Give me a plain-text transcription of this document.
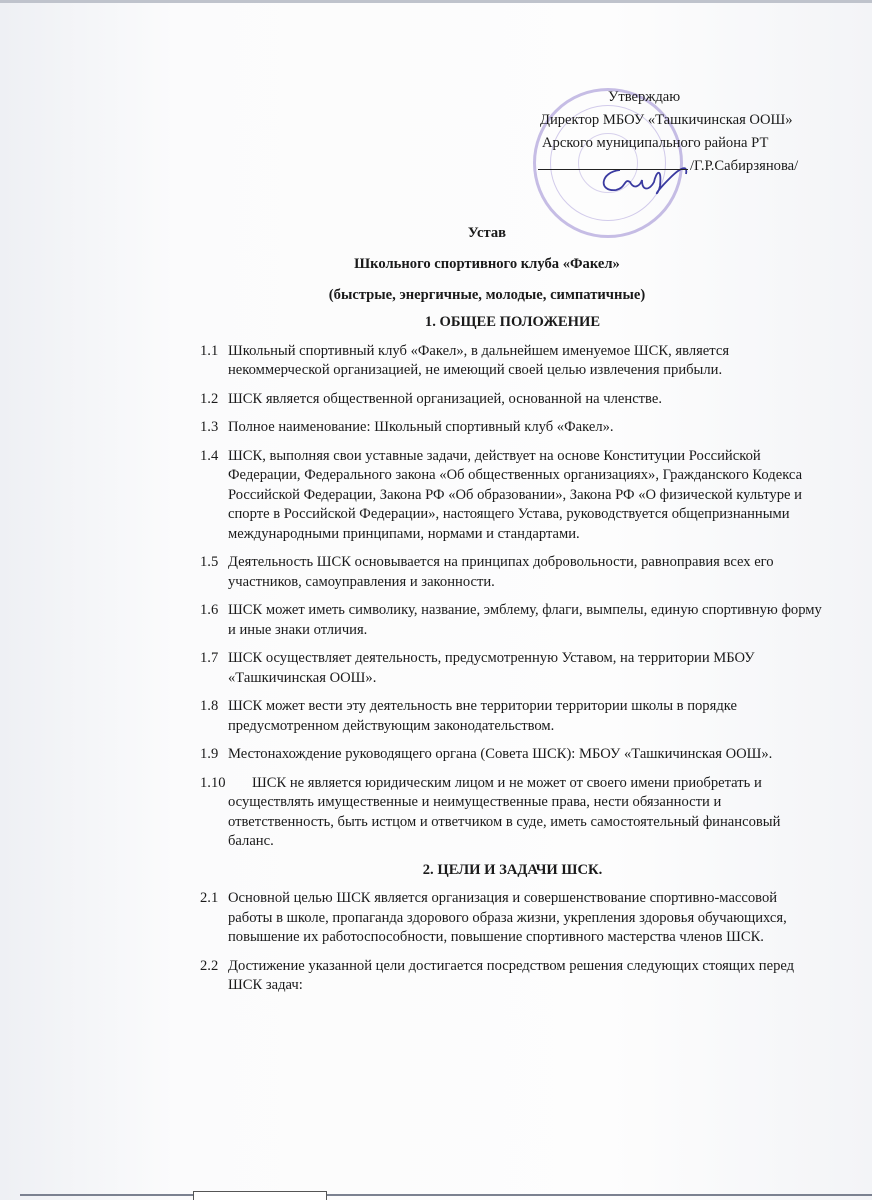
Утверждаю
Директор МБОУ «Ташкичинская ООШ»
Арского муниципального района РТ
/Г.Р.Сабирзянова/
Устав
Школьного спортивного клуба «Факел»
(быстрые, энергичные, молодые, симпатичные)
1. ОБЩЕЕ ПОЛОЖЕНИЕ
1.1 Школьный спортивный клуб «Факел», в дальнейшем именуемое ШСК, является некоммерческой организацией, не имеющий своей целью извлечения прибыли.
1.2 ШСК является общественной организацией, основанной на членстве.
1.3 Полное наименование: Школьный спортивный клуб «Факел».
1.4 ШСК, выполняя свои уставные задачи, действует на основе Конституции Российской Федерации, Федерального закона «Об общественных организациях», Гражданского Кодекса Российской Федерации, Закона РФ «Об образовании», Закона РФ «О физической культуре и спорте в Российской Федерации», настоящего Устава, руководствуется общепризнанными международными принципами, нормами и стандартами.
1.5 Деятельность ШСК основывается на принципах добровольности, равноправия всех его участников, самоуправления и законности.
1.6 ШСК может иметь символику, название, эмблему, флаги, вымпелы, единую спортивную форму и иные знаки отличия.
1.7 ШСК осуществляет деятельность, предусмотренную Уставом, на территории МБОУ «Ташкичинская ООШ».
1.8 ШСК может вести эту деятельность вне территории территории школы в порядке предусмотренном действующим законодательством.
1.9 Местонахождение руководящего органа (Совета ШСК): МБОУ «Ташкичинская ООШ».
1.10	ШСК не является юридическим лицом и не может от своего имени приобретать и осуществлять имущественные и неимущественные права, нести обязанности и ответственность, быть истцом и ответчиком в суде, иметь самостоятельный финансовый баланс.
2. ЦЕЛИ И ЗАДАЧИ ШСК.
2.1 Основной целью ШСК является организация и совершенствование спортивно-массовой работы в школе, пропаганда здорового образа жизни, укрепления здоровья обучающихся, повышение их работоспособности, повышение спортивного мастерства членов ШСК.
2.2 Достижение указанной цели достигается посредством решения следующих стоящих перед ШСК задач:
